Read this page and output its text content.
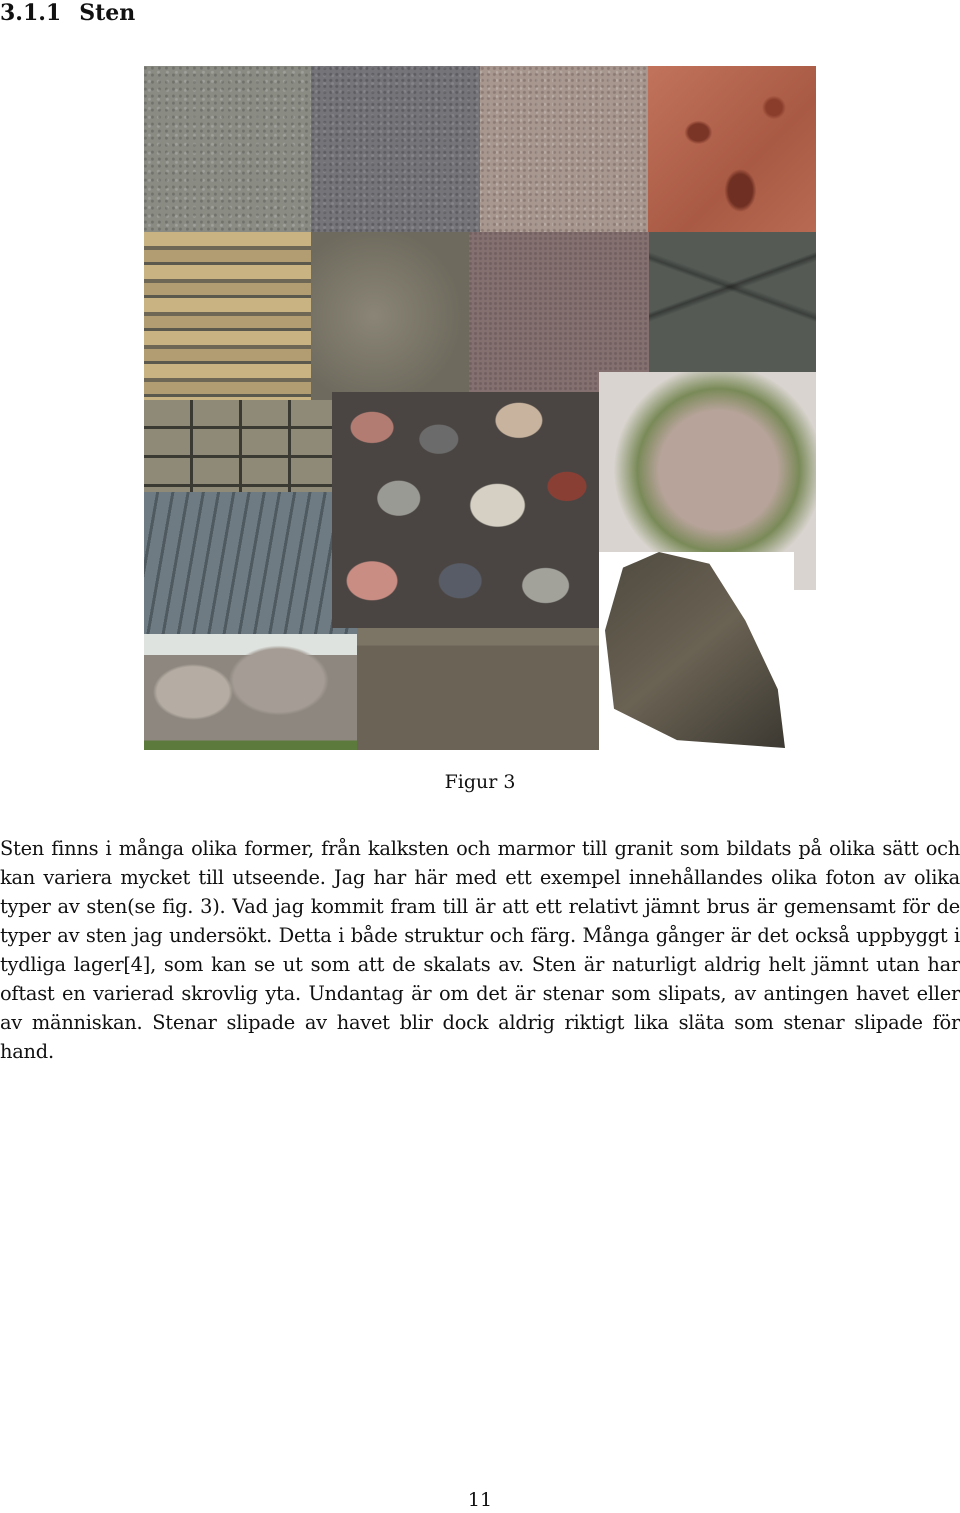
3.1.1 Sten
Figur 3

Sten finns i många olika former, från kalksten och marmor till granit som bildats på olika sätt och kan variera mycket till utseende. Jag har här med ett exempel innehållandes olika foton av olika typer av sten(se fig. 3). Vad jag kommit fram till är att ett relativt jämnt brus är gemensamt för de typer av sten jag undersökt. Detta i både struktur och färg. Många gånger är det också uppbyggt i tydliga lager[4], som kan se ut som att de skalats av. Sten är naturligt aldrig helt jämnt utan har oftast en varierad skrovlig yta. Undantag är om det är stenar som slipats, av antingen havet eller av människan. Stenar slipade av havet blir dock aldrig riktigt lika släta som stenar slipade för hand.

11
